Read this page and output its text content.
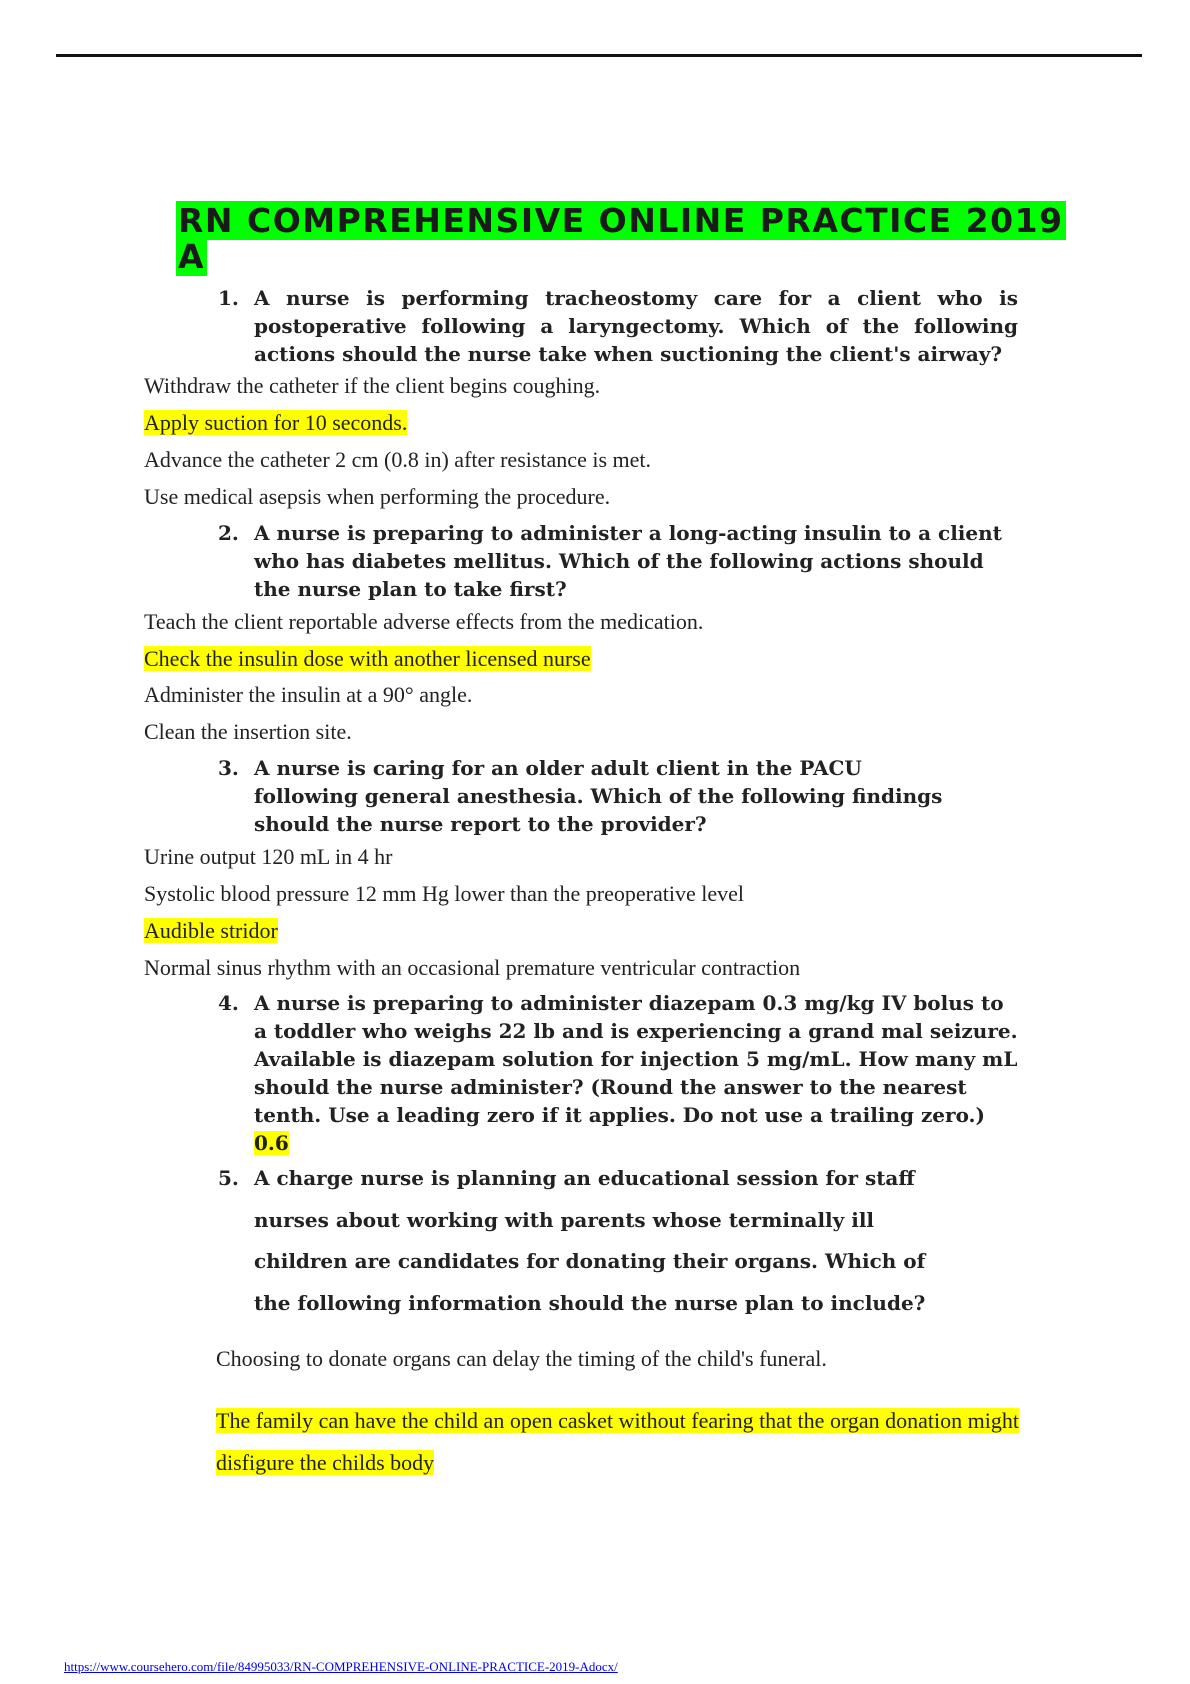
RN COMPREHENSIVE ONLINE PRACTICE 2019 A
1. A nurse is performing tracheostomy care for a client who is postoperative following a laryngectomy. Which of the following actions should the nurse take when suctioning the client's airway?
Withdraw the catheter if the client begins coughing.
Apply suction for 10 seconds.
Advance the catheter 2 cm (0.8 in) after resistance is met.
Use medical asepsis when performing the procedure.
2. A nurse is preparing to administer a long-acting insulin to a client who has diabetes mellitus. Which of the following actions should the nurse plan to take first?
Teach the client reportable adverse effects from the medication.
Check the insulin dose with another licensed nurse
Administer the insulin at a 90° angle.
Clean the insertion site.
3. A nurse is caring for an older adult client in the PACU following general anesthesia. Which of the following findings should the nurse report to the provider?
Urine output 120 mL in 4 hr
Systolic blood pressure 12 mm Hg lower than the preoperative level
Audible stridor
Normal sinus rhythm with an occasional premature ventricular contraction
4. A nurse is preparing to administer diazepam 0.3 mg/kg IV bolus to a toddler who weighs 22 lb and is experiencing a grand mal seizure. Available is diazepam solution for injection 5 mg/mL. How many mL should the nurse administer? (Round the answer to the nearest tenth. Use a leading zero if it applies. Do not use a trailing zero.) 0.6
5. A charge nurse is planning an educational session for staff nurses about working with parents whose terminally ill children are candidates for donating their organs. Which of the following information should the nurse plan to include?
Choosing to donate organs can delay the timing of the child's funeral.
The family can have the child an open casket without fearing that the organ donation might disfigure the childs body
https://www.coursehero.com/file/84995033/RN-COMPREHENSIVE-ONLINE-PRACTICE-2019-Adocx/
